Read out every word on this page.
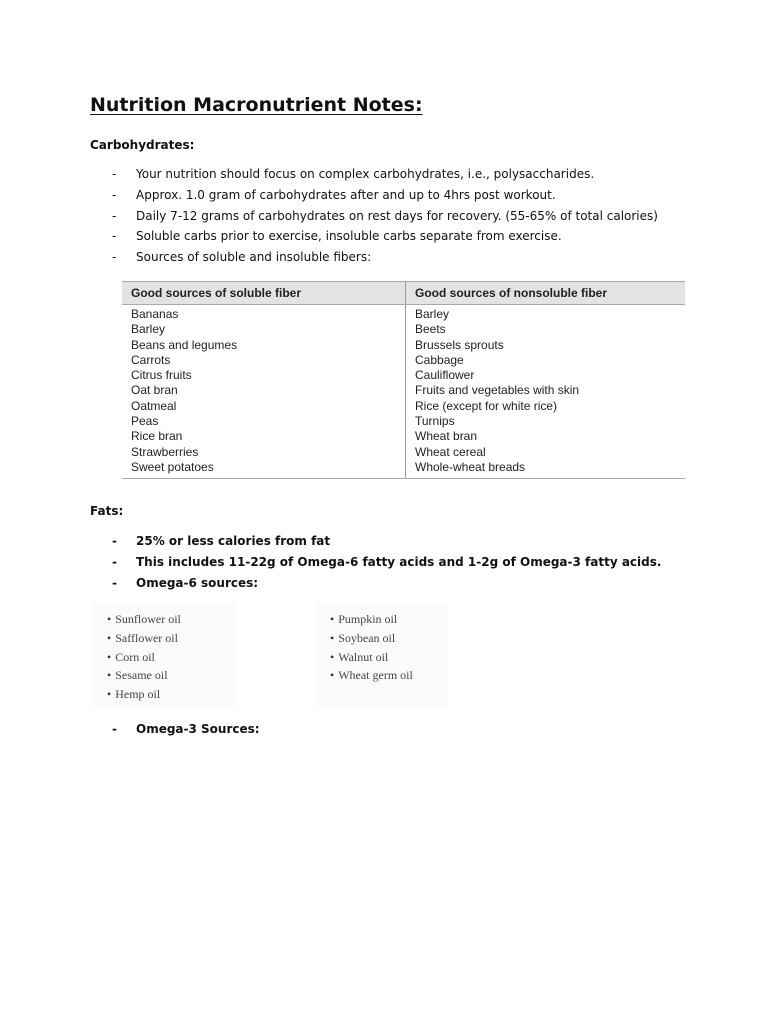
Nutrition Macronutrient Notes:
Carbohydrates:
- Your nutrition should focus on complex carbohydrates, i.e., polysaccharides.
- Approx. 1.0 gram of carbohydrates after and up to 4hrs post workout.
- Daily 7-12 grams of carbohydrates on rest days for recovery. (55-65% of total calories)
- Soluble carbs prior to exercise, insoluble carbs separate from exercise.
- Sources of soluble and insoluble fibers:
Good sources of soluble fiber	Good sources of nonsoluble fiber
Bananas	Barley
Barley	Beets
Beans and legumes	Brussels sprouts
Carrots	Cabbage
Citrus fruits	Cauliflower
Oat bran	Fruits and vegetables with skin
Oatmeal	Rice (except for white rice)
Peas	Turnips
Rice bran	Wheat bran
Strawberries	Wheat cereal
Sweet potatoes	Whole-wheat breads
Fats:
- 25% or less calories from fat
- This includes 11-22g of Omega-6 fatty acids and 1-2g of Omega-3 fatty acids.
- Omega-6 sources:
• Sunflower oil
• Safflower oil
• Corn oil
• Sesame oil
• Hemp oil
• Pumpkin oil
• Soybean oil
• Walnut oil
• Wheat germ oil
- Omega-3 Sources:
